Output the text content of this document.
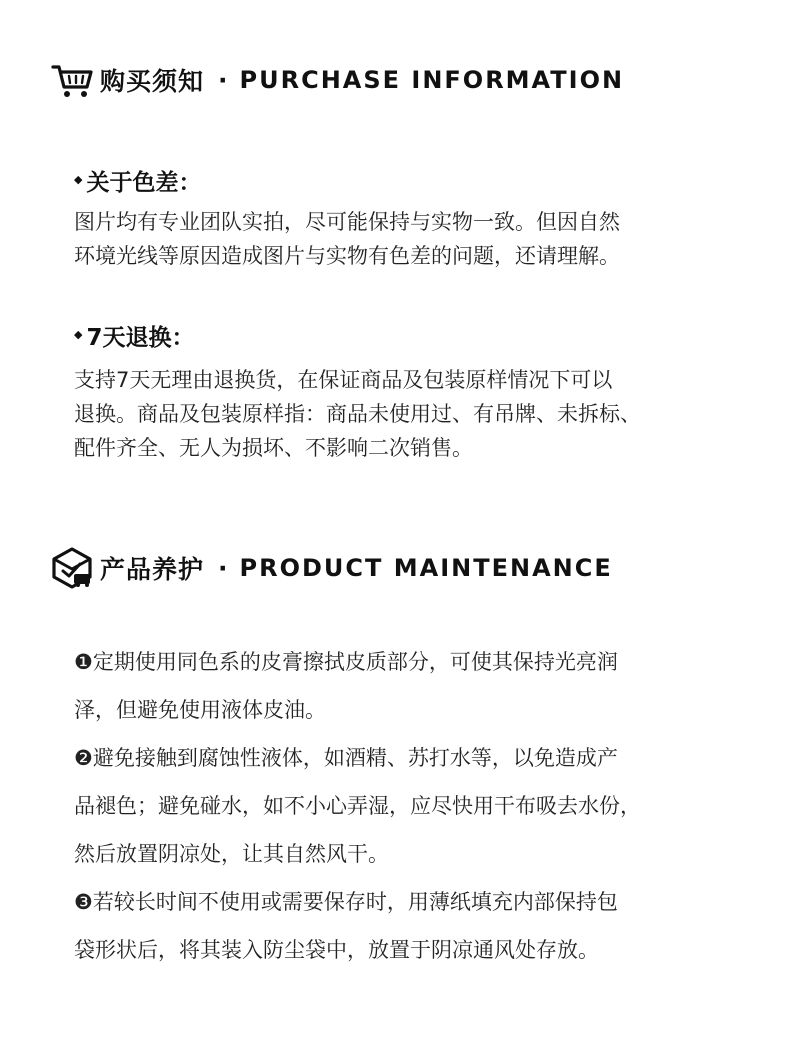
购买须知 · PURCHASE INFORMATION
◆ 关于色差：
图片均有专业团队实拍，尽可能保持与实物一致。但因自然
环境光线等原因造成图片与实物有色差的问题，还请理解。
◆ 7天退换：
支持7天无理由退换货，在保证商品及包装原样情况下可以
退换。商品及包装原样指：商品未使用过、有吊牌、未拆标、
配件齐全、无人为损坏、不影响二次销售。
产品养护 · PRODUCT MAINTENANCE
❶定期使用同色系的皮膏擦拭皮质部分，可使其保持光亮润
泽，但避免使用液体皮油。
❷避免接触到腐蚀性液体，如酒精、苏打水等，以免造成产
品褪色；避免碰水，如不小心弄湿，应尽快用干布吸去水份，
然后放置阴凉处，让其自然风干。
❸若较长时间不使用或需要保存时，用薄纸填充内部保持包
袋形状后，将其装入防尘袋中，放置于阴凉通风处存放。
